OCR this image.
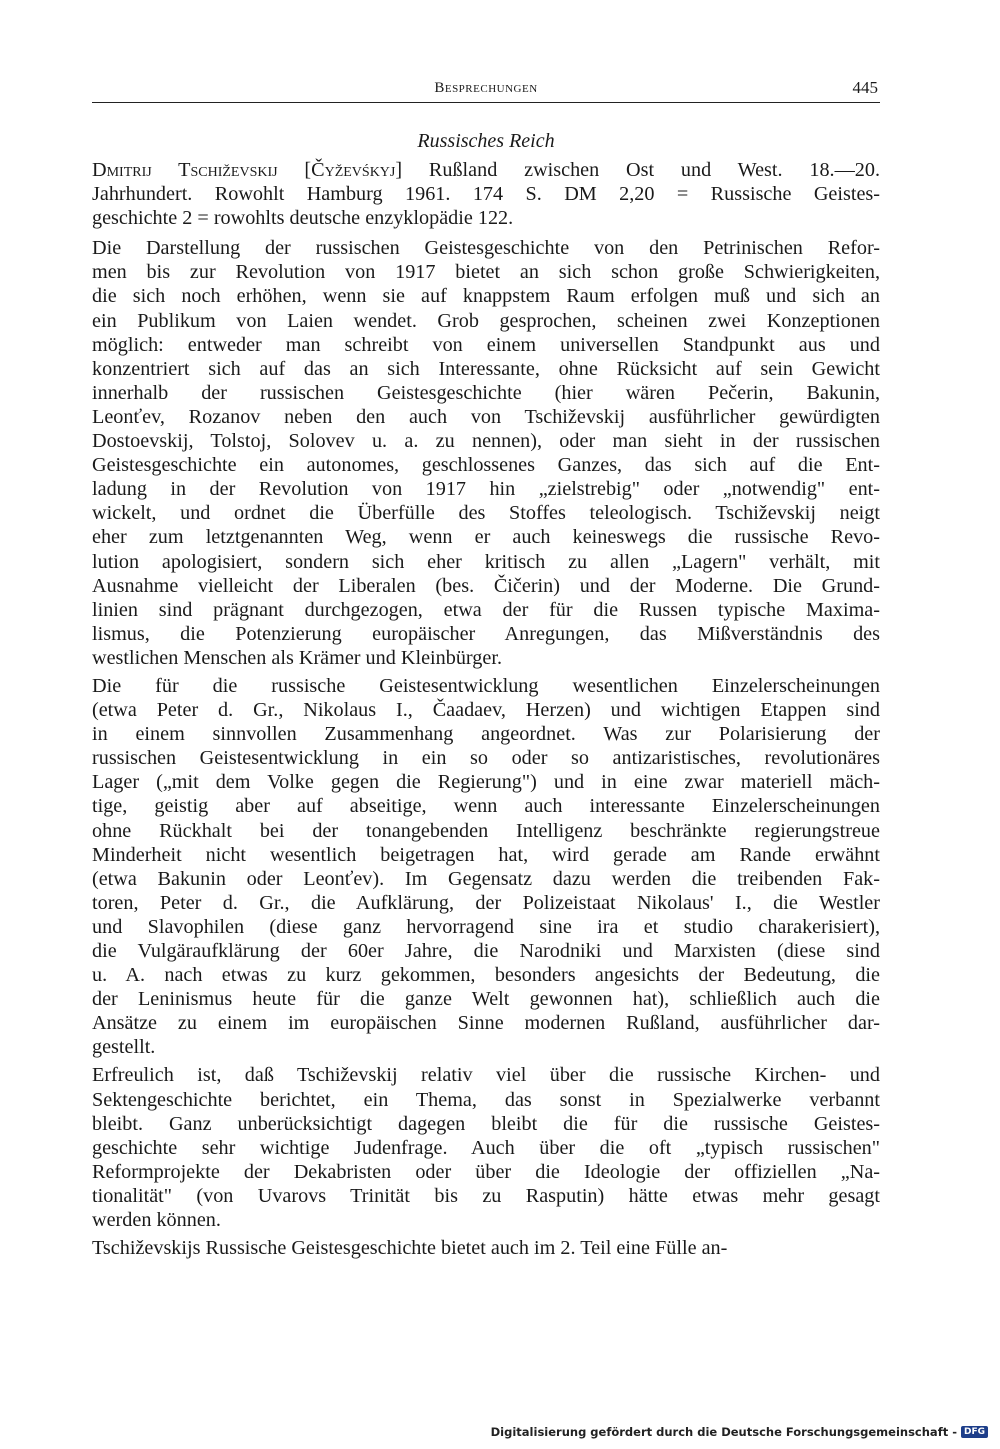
Besprechungen	445
Russisches Reich
Dmitrij Tschiževskij [Čyževśkyj] Rußland zwischen Ost und West. 18.—20.
Jahrhundert. Rowohlt Hamburg 1961. 174 S. DM 2,20 = Russische Geistes-
geschichte 2 = rowohlts deutsche enzyklopädie 122.
Die Darstellung der russischen Geistesgeschichte von den Petrinischen Refor-
men bis zur Revolution von 1917 bietet an sich schon große Schwierigkeiten,
die sich noch erhöhen, wenn sie auf knappstem Raum erfolgen muß und sich an
ein Publikum von Laien wendet. Grob gesprochen, scheinen zwei Konzeptionen
möglich: entweder man schreibt von einem universellen Standpunkt aus und
konzentriert sich auf das an sich Interessante, ohne Rücksicht auf sein Gewicht
innerhalb der russischen Geistesgeschichte (hier wären Pečerin, Bakunin,
Leonťev, Rozanov neben den auch von Tschiževskij ausführlicher gewürdigten
Dostoevskij, Tolstoj, Solovev u. a. zu nennen), oder man sieht in der russischen
Geistesgeschichte ein autonomes, geschlossenes Ganzes, das sich auf die Ent-
ladung in der Revolution von 1917 hin „zielstrebig" oder „notwendig" ent-
wickelt, und ordnet die Überfülle des Stoffes teleologisch. Tschiževskij neigt
eher zum letztgenannten Weg, wenn er auch keineswegs die russische Revo-
lution apologisiert, sondern sich eher kritisch zu allen „Lagern" verhält, mit
Ausnahme vielleicht der Liberalen (bes. Čičerin) und der Moderne. Die Grund-
linien sind prägnant durchgezogen, etwa der für die Russen typische Maxima-
lismus, die Potenzierung europäischer Anregungen, das Mißverständnis des
westlichen Menschen als Krämer und Kleinbürger.
Die für die russische Geistesentwicklung wesentlichen Einzelerscheinungen
(etwa Peter d. Gr., Nikolaus I., Čaadaev, Herzen) und wichtigen Etappen sind
in einem sinnvollen Zusammenhang angeordnet. Was zur Polarisierung der
russischen Geistesentwicklung in ein so oder so antizaristisches, revolutionäres
Lager („mit dem Volke gegen die Regierung") und in eine zwar materiell mäch-
tige, geistig aber auf abseitige, wenn auch interessante Einzelerscheinungen
ohne Rückhalt bei der tonangebenden Intelligenz beschränkte regierungstreue
Minderheit nicht wesentlich beigetragen hat, wird gerade am Rande erwähnt
(etwa Bakunin oder Leonťev). Im Gegensatz dazu werden die treibenden Fak-
toren, Peter d. Gr., die Aufklärung, der Polizeistaat Nikolaus' I., die Westler
und Slavophilen (diese ganz hervorragend sine ira et studio charakerisiert),
die Vulgäraufklärung der 60er Jahre, die Narodniki und Marxisten (diese sind
u. A. nach etwas zu kurz gekommen, besonders angesichts der Bedeutung, die
der Leninismus heute für die ganze Welt gewonnen hat), schließlich auch die
Ansätze zu einem im europäischen Sinne modernen Rußland, ausführlicher dar-
gestellt.
Erfreulich ist, daß Tschiževskij relativ viel über die russische Kirchen- und
Sektengeschichte berichtet, ein Thema, das sonst in Spezialwerke verbannt
bleibt. Ganz unberücksichtigt dagegen bleibt die für die russische Geistes-
geschichte sehr wichtige Judenfrage. Auch über die oft „typisch russischen"
Reformprojekte der Dekabristen oder über die Ideologie der offiziellen „Na-
tionalität" (von Uvarovs Trinität bis zu Rasputin) hätte etwas mehr gesagt
werden können.
Tschiževskijs Russische Geistesgeschichte bietet auch im 2. Teil eine Fülle an-
Digitalisierung gefördert durch die Deutsche Forschungsgemeinschaft - DFG
